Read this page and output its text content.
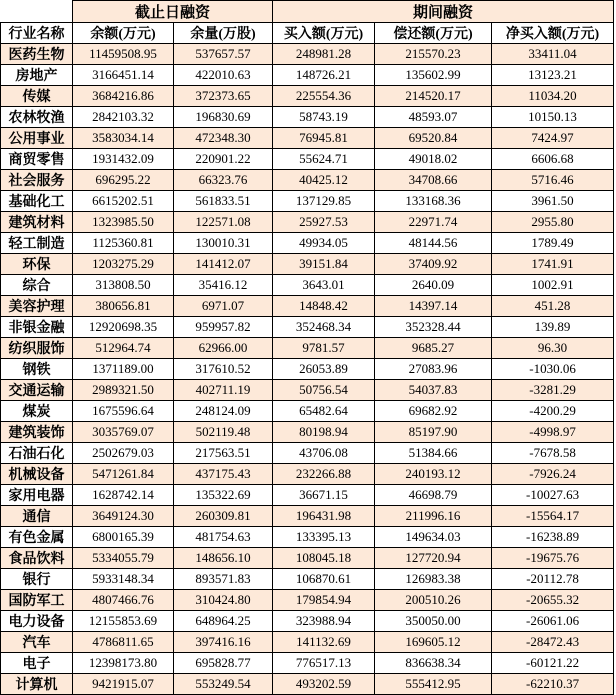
	截止日融资		期间融资		
行业名称	余额(万元)	余量(万股)	买入额(万元)	偿还额(万元)	净买入额(万元)
医药生物	11459508.95	537657.57	248981.28	215570.23	33411.04
房地产	3166451.14	422010.63	148726.21	135602.99	13123.21
传媒	3684216.86	372373.65	225554.36	214520.17	11034.20
农林牧渔	2842103.32	196830.69	58743.19	48593.07	10150.13
公用事业	3583034.14	472348.30	76945.81	69520.84	7424.97
商贸零售	1931432.09	220901.22	55624.71	49018.02	6606.68
社会服务	696295.22	66323.76	40425.12	34708.66	5716.46
基础化工	6615202.51	561833.51	137129.85	133168.36	3961.50
建筑材料	1323985.50	122571.08	25927.53	22971.74	2955.80
轻工制造	1125360.81	130010.31	49934.05	48144.56	1789.49
环保	1203275.29	141412.07	39151.84	37409.92	1741.91
综合	313808.50	35416.12	3643.01	2640.09	1002.91
美容护理	380656.81	6971.07	14848.42	14397.14	451.28
非银金融	12920698.35	959957.82	352468.34	352328.44	139.89
纺织服饰	512964.74	62966.00	9781.57	9685.27	96.30
钢铁	1371189.00	317610.52	26053.89	27083.96	-1030.06
交通运输	2989321.50	402711.19	50756.54	54037.83	-3281.29
煤炭	1675596.64	248124.09	65482.64	69682.92	-4200.29
建筑装饰	3035769.07	502119.48	80198.94	85197.90	-4998.97
石油石化	2502679.03	217563.51	43706.08	51384.66	-7678.58
机械设备	5471261.84	437175.43	232266.88	240193.12	-7926.24
家用电器	1628742.14	135322.69	36671.15	46698.79	-10027.63
通信	3649124.30	260309.81	196431.98	211996.16	-15564.17
有色金属	6800165.39	481754.63	133395.13	149634.03	-16238.89
食品饮料	5334055.79	148656.10	108045.18	127720.94	-19675.76
银行	5933148.34	893571.83	106870.61	126983.38	-20112.78
国防军工	4807466.76	310424.80	179854.94	200510.26	-20655.32
电力设备	12155853.69	648964.25	323988.94	350050.00	-26061.06
汽车	4786811.65	397416.16	141132.69	169605.12	-28472.43
电子	12398173.80	695828.77	776517.13	836638.34	-60121.22
计算机	9421915.07	553249.54	493202.59	555412.95	-62210.37
